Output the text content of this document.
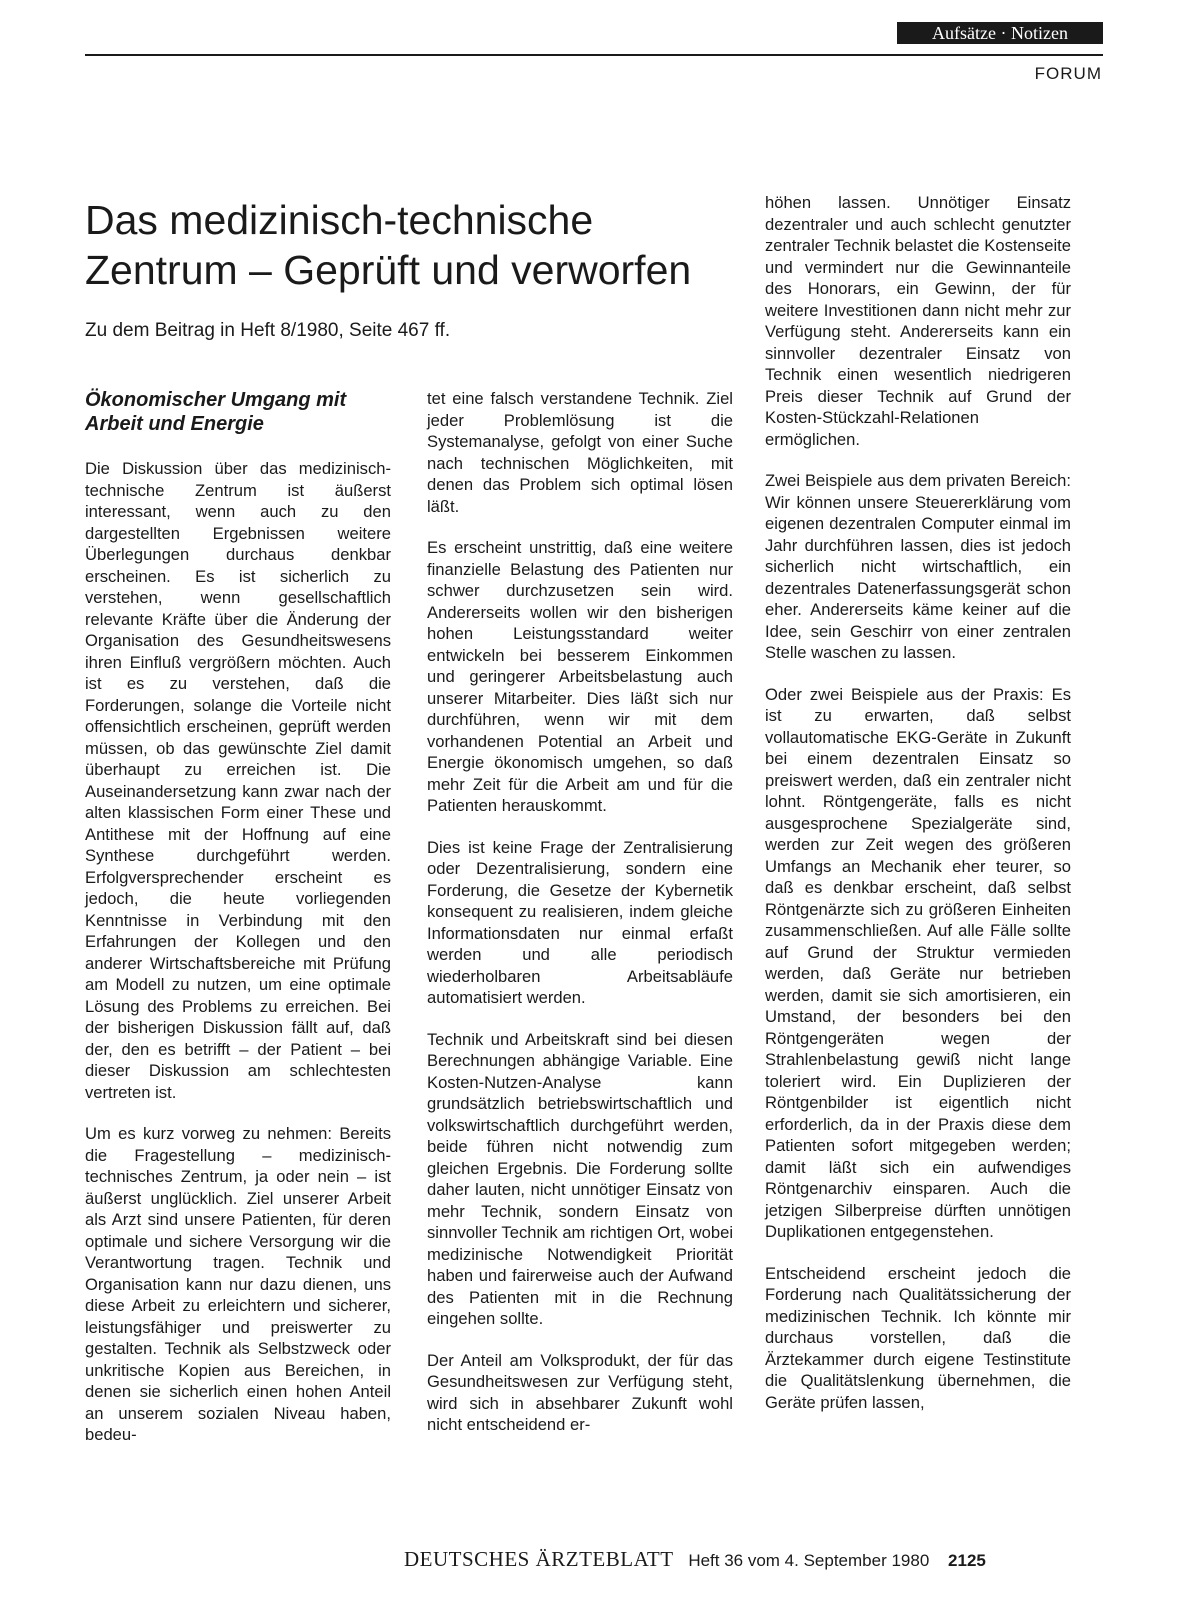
Aufsätze · Notizen
FORUM
Das medizinisch-technische Zentrum – Geprüft und verworfen

Zu dem Beitrag in Heft 8/1980, Seite 467 ff.

Ökonomischer Umgang mit Arbeit und Energie

Die Diskussion über das medizinisch-technische Zentrum ist äußerst interessant, wenn auch zu den dargestellten Ergebnissen weitere Überlegungen durchaus denkbar erscheinen. Es ist sicherlich zu verstehen, wenn gesellschaftlich relevante Kräfte über die Änderung der Organisation des Gesundheitswesens ihren Einfluß vergrößern möchten. Auch ist es zu verstehen, daß die Forderungen, solange die Vorteile nicht offensichtlich erscheinen, geprüft werden müssen, ob das gewünschte Ziel damit überhaupt zu erreichen ist. Die Auseinandersetzung kann zwar nach der alten klassischen Form einer These und Antithese mit der Hoffnung auf eine Synthese durchgeführt werden. Erfolgversprechender erscheint es jedoch, die heute vorliegenden Kenntnisse in Verbindung mit den Erfahrungen der Kollegen und den anderer Wirtschaftsbereiche mit Prüfung am Modell zu nutzen, um eine optimale Lösung des Problems zu erreichen. Bei der bisherigen Diskussion fällt auf, daß der, den es betrifft – der Patient – bei dieser Diskussion am schlechtesten vertreten ist.

Um es kurz vorweg zu nehmen: Bereits die Fragestellung – medizinisch-technisches Zentrum, ja oder nein – ist äußerst unglücklich. Ziel unserer Arbeit als Arzt sind unsere Patienten, für deren optimale und sichere Versorgung wir die Verantwortung tragen. Technik und Organisation kann nur dazu dienen, uns diese Arbeit zu erleichtern und sicherer, leistungsfähiger und preiswerter zu gestalten. Technik als Selbstzweck oder unkritische Kopien aus Bereichen, in denen sie sicherlich einen hohen Anteil an unserem sozialen Niveau haben, bedeu-

tet eine falsch verstandene Technik. Ziel jeder Problemlösung ist die Systemanalyse, gefolgt von einer Suche nach technischen Möglichkeiten, mit denen das Problem sich optimal lösen läßt.

Es erscheint unstrittig, daß eine weitere finanzielle Belastung des Patienten nur schwer durchzusetzen sein wird. Andererseits wollen wir den bisherigen hohen Leistungsstandard weiter entwickeln bei besserem Einkommen und geringerer Arbeitsbelastung auch unserer Mitarbeiter. Dies läßt sich nur durchführen, wenn wir mit dem vorhandenen Potential an Arbeit und Energie ökonomisch umgehen, so daß mehr Zeit für die Arbeit am und für die Patienten herauskommt.

Dies ist keine Frage der Zentralisierung oder Dezentralisierung, sondern eine Forderung, die Gesetze der Kybernetik konsequent zu realisieren, indem gleiche Informationsdaten nur einmal erfaßt werden und alle periodisch wiederholbaren Arbeitsabläufe automatisiert werden.

Technik und Arbeitskraft sind bei diesen Berechnungen abhängige Variable. Eine Kosten-Nutzen-Analyse kann grundsätzlich betriebswirtschaftlich und volkswirtschaftlich durchgeführt werden, beide führen nicht notwendig zum gleichen Ergebnis. Die Forderung sollte daher lauten, nicht unnötiger Einsatz von mehr Technik, sondern Einsatz von sinnvoller Technik am richtigen Ort, wobei medizinische Notwendigkeit Priorität haben und fairerweise auch der Aufwand des Patienten mit in die Rechnung eingehen sollte.

Der Anteil am Volksprodukt, der für das Gesundheitswesen zur Verfügung steht, wird sich in absehbarer Zukunft wohl nicht entscheidend er-

höhen lassen. Unnötiger Einsatz dezentraler und auch schlecht genutzter zentraler Technik belastet die Kostenseite und vermindert nur die Gewinnanteile des Honorars, ein Gewinn, der für weitere Investitionen dann nicht mehr zur Verfügung steht. Andererseits kann ein sinnvoller dezentraler Einsatz von Technik einen wesentlich niedrigeren Preis dieser Technik auf Grund der Kosten-Stückzahl-Relationen ermöglichen.

Zwei Beispiele aus dem privaten Bereich: Wir können unsere Steuererklärung vom eigenen dezentralen Computer einmal im Jahr durchführen lassen, dies ist jedoch sicherlich nicht wirtschaftlich, ein dezentrales Datenerfassungsgerät schon eher. Andererseits käme keiner auf die Idee, sein Geschirr von einer zentralen Stelle waschen zu lassen.

Oder zwei Beispiele aus der Praxis: Es ist zu erwarten, daß selbst vollautomatische EKG-Geräte in Zukunft bei einem dezentralen Einsatz so preiswert werden, daß ein zentraler nicht lohnt. Röntgengeräte, falls es nicht ausgesprochene Spezialgeräte sind, werden zur Zeit wegen des größeren Umfangs an Mechanik eher teurer, so daß es denkbar erscheint, daß selbst Röntgenärzte sich zu größeren Einheiten zusammenschließen. Auf alle Fälle sollte auf Grund der Struktur vermieden werden, daß Geräte nur betrieben werden, damit sie sich amortisieren, ein Umstand, der besonders bei den Röntgengeräten wegen der Strahlenbelastung gewiß nicht lange toleriert wird. Ein Duplizieren der Röntgenbilder ist eigentlich nicht erforderlich, da in der Praxis diese dem Patienten sofort mitgegeben werden; damit läßt sich ein aufwendiges Röntgenarchiv einsparen. Auch die jetzigen Silberpreise dürften unnötigen Duplikationen entgegenstehen.

Entscheidend erscheint jedoch die Forderung nach Qualitätssicherung der medizinischen Technik. Ich könnte mir durchaus vorstellen, daß die Ärztekammer durch eigene Testinstitute die Qualitätslenkung übernehmen, die Geräte prüfen lassen,

DEUTSCHES ÄRZTEBLATT Heft 36 vom 4. September 1980 2125
